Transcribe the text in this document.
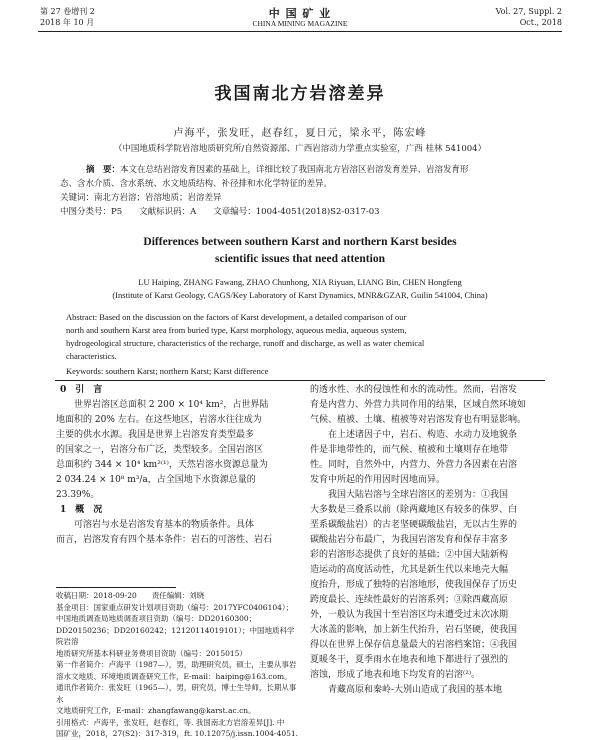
第 27 卷增刊 2
2018 年 10 月
中 国 矿 业
CHINA MINING MAGAZINE
Vol. 27, Suppl. 2
Oct., 2018
我国南北方岩溶差异
卢海平，张发旺，赵春红，夏日元，梁永平，陈宏峰
（中国地质科学院岩溶地质研究所/自然资源部、广西岩溶动力学重点实验室，广西 桂林 541004）
摘　要：本文在总结岩溶发育因素的基础上，详细比较了我国南北方岩溶区岩溶发育差异、岩溶发育形
态、含水介质、含水系统、水文地质结构、补径排和水化学特征的差异。
关键词：南北方岩溶；岩溶地质；岩溶差异
中图分类号：P5　　文献标识码：A　　文章编号：1004-4051(2018)S2-0317-03
Differences between southern Karst and northern Karst besides
scientific issues that need attention
LU Haiping, ZHANG Fawang, ZHAO Chunhong, XIA Riyuan, LIANG Bin, CHEN Hongfeng
(Institute of Karst Geology, CAGS/Key Laboratory of Karst Dynamics, MNR&GZAR, Guilin 541004, China)
Abstract: Based on the discussion on the factors of Karst development, a detailed comparison of our
north and southern Karst area from buried type, Karst morphology, aqueous media, aqueous system,
hydrogeological structure, characteristics of the recharge, runoff and discharge, as well as water chemical
characteristics.
Keywords: southern Karst; northern Karst; Karst difference
0　引　言
世界岩溶区总面积 2 200 × 10⁴ km²，占世界陆
地面积的 20% 左右。在这些地区，岩溶水往往成为
主要的供水水源。我国是世界上岩溶发育类型最多
的国家之一，岩溶分布广泛，类型较多。全国岩溶区
总面积约 344 × 10⁴ km²⁽¹⁾，天然岩溶水资源总量为
2 034.24 × 10⁸ m³/a，占全国地下水资源总量的
23.39%。
1　概　况
可溶岩与水是岩溶发育基本的物质条件。具体
而言，岩溶发育有四个基本条件：岩石的可溶性、岩石
收稿日期：2018-09-20　　责任编辑：刘晓
基金项目：国家重点研发计划项目资助（编号：2017YFC0406104）；
中国地质调查局地质调查项目资助（编号：DD20160300；
DD20150236；DD20160242；12120114019101）；中国地质科学院岩溶
地质研究所基本科研业务费项目资助（编号：2015015）
第一作者简介：卢海平（1987—），男，助理研究员，硕士，主要从事岩
溶水文地质、环境地质调查研究工作，E-mail：haiping@163.com。
通讯作者简介：张发旺（1965—），男，研究员，博士生导师，长期从事水
文地质研究工作，E-mail：zhangfawang@karst.ac.cn。
引用格式：卢海平，张发旺，赵春红，等. 我国南北方岩溶差异[J]. 中
国矿业，2018，27(S2)：317-319，ft. 10.12075/j.issn.1004-4051.
的透水性、水的侵蚀性和水的流动性。然而，岩溶发
育是内营力、外营力共同作用的结果，区域自然环境如
气候、植被、土壤、植被等对岩溶发育也有明显影响。
在上述诸因子中，岩石、构造、水动力及地貌条
件是非地带性的，而气候、植被和土壤则存在地带
性。同时，自然外中，内营力、外营力各因素在岩溶
发育中所起的作用因时因地而异。
我国大陆岩溶与全球岩溶区的差别为：①我国
大多数是三叠系以前（除两藏地区有较多的侏罗、白
垩系碳酸盐岩）的古老坚硬碳酸盐岩，无以古生界的
碳酸盐岩分布最广，为我国岩溶发育和保存丰富多
彩的岩溶形态提供了良好的基础；②中国大陆新构
造运动的高度活动性，尤其是新生代以来地壳大幅
度抬升，形成了独特的岩溶地形，使我国保存了历史
跨度最长、连续性最好的岩溶系列；③除西藏高原
外，一般认为我国十至岩溶区均未遭受过末次冰期
大冰盖的影响，加上新生代抬升，岩石坚硬，使我国
得以在世界上保存信息量最大的岩溶档案馆；④我国
夏暖冬干，夏季雨水在地表和地下都进行了强烈的
溶蚀，形成了地表和地下均发育的岩溶⁽²⁾。
青藏高原和秦岭-大别山造成了我国的基本地
